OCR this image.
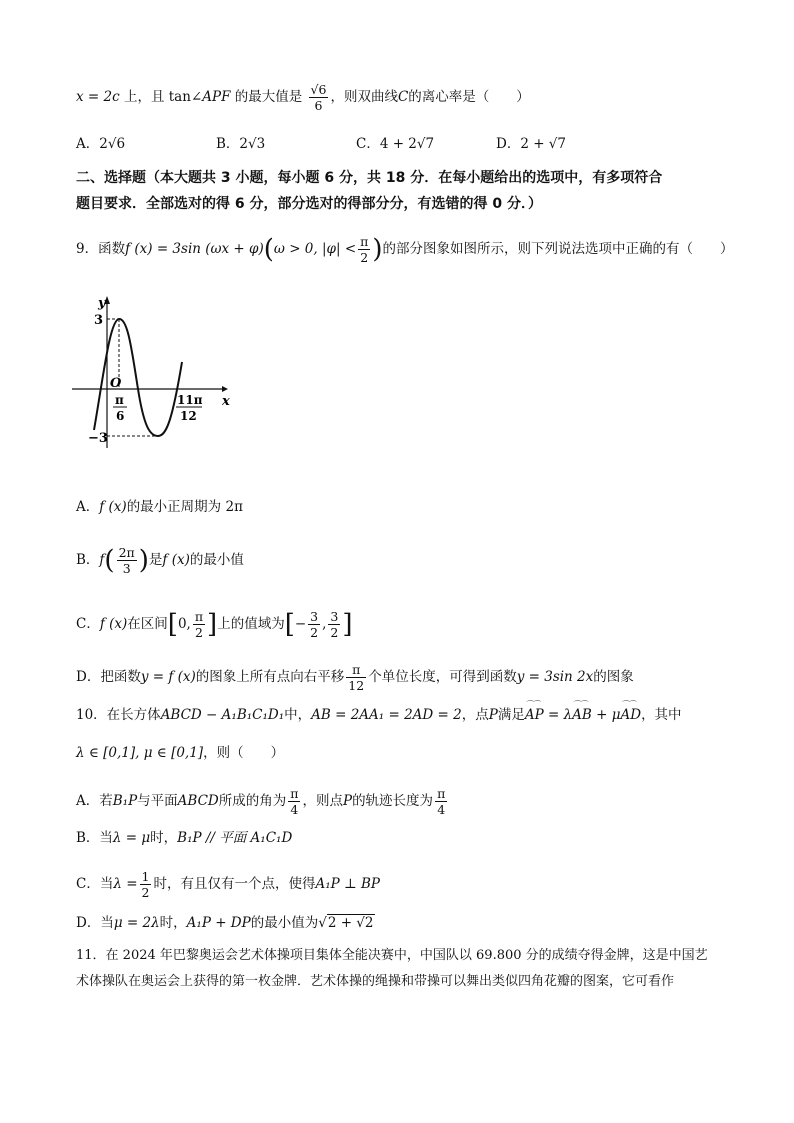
x = 2c 上，且 tan∠APF 的最大值是 $\frac{√6}{6}$ ，则双曲线C的离心率是（　　）
A．2√6	B．2√3	C．4 + 2√7	D．2 + √7
二、选择题（本大题共 3 小题，每小题 6 分，共 18 分．在每小题给出的选项中，有多项符合
题目要求．全部选对的得 6 分，部分选对的得部分分，有选错的得 0 分．）
9．函数f (x) = 3sin (ωx + φ)(ω > 0, $|\varphi| < \frac{\pi}{2}$ )的部分图象如图所示，则下列说法选项中正确的有（　　）
y
x
O
3
−3
π
6
11π
12
A．f (x)的最小正周期为 2π
B．$f( \frac{2\pi}{3}$ )是f (x)的最小值
C．f (x)在区间[0, $\frac{\pi}{2}$ ]上的值域为[− $\frac{3}{2}$ , $\frac{3}{2}$ ]
D．把函数y = f (x)的图象上所有点向右平移 $\frac{\pi}{12}$ 个单位长度，可得到函数y = 3sin 2x的图象
10．在长方体ABCD − A₁B₁C₁D₁中，AB = 2AA₁ = 2AD = 2，点P满足⌒⌒ AP = λ⌒⌒ AB + μ⌒⌒ AD，其中
λ ∈ [0,1], μ ∈ [0,1]，则（　　）
A．若B₁P与平面ABCD所成的角为 $\frac{\pi}{4}$ ，则点P的轨迹长度为 $\frac{\pi}{4}$
B．当λ = μ时，B₁P // 平面 A₁C₁D
C．当$\lambda = \frac{1}{2}$ 时，有且仅有一个点，使得A₁P ⊥ BP
D．当μ = 2λ时，A₁P + DP的最小值为√2 + √2
11．在 2024 年巴黎奥运会艺术体操项目集体全能决赛中，中国队以 69.800 分的成绩夺得金牌，这是中国艺
术体操队在奥运会上获得的第一枚金牌．艺术体操的绳操和带操可以舞出类似四角花瓣的图案，它可看作
